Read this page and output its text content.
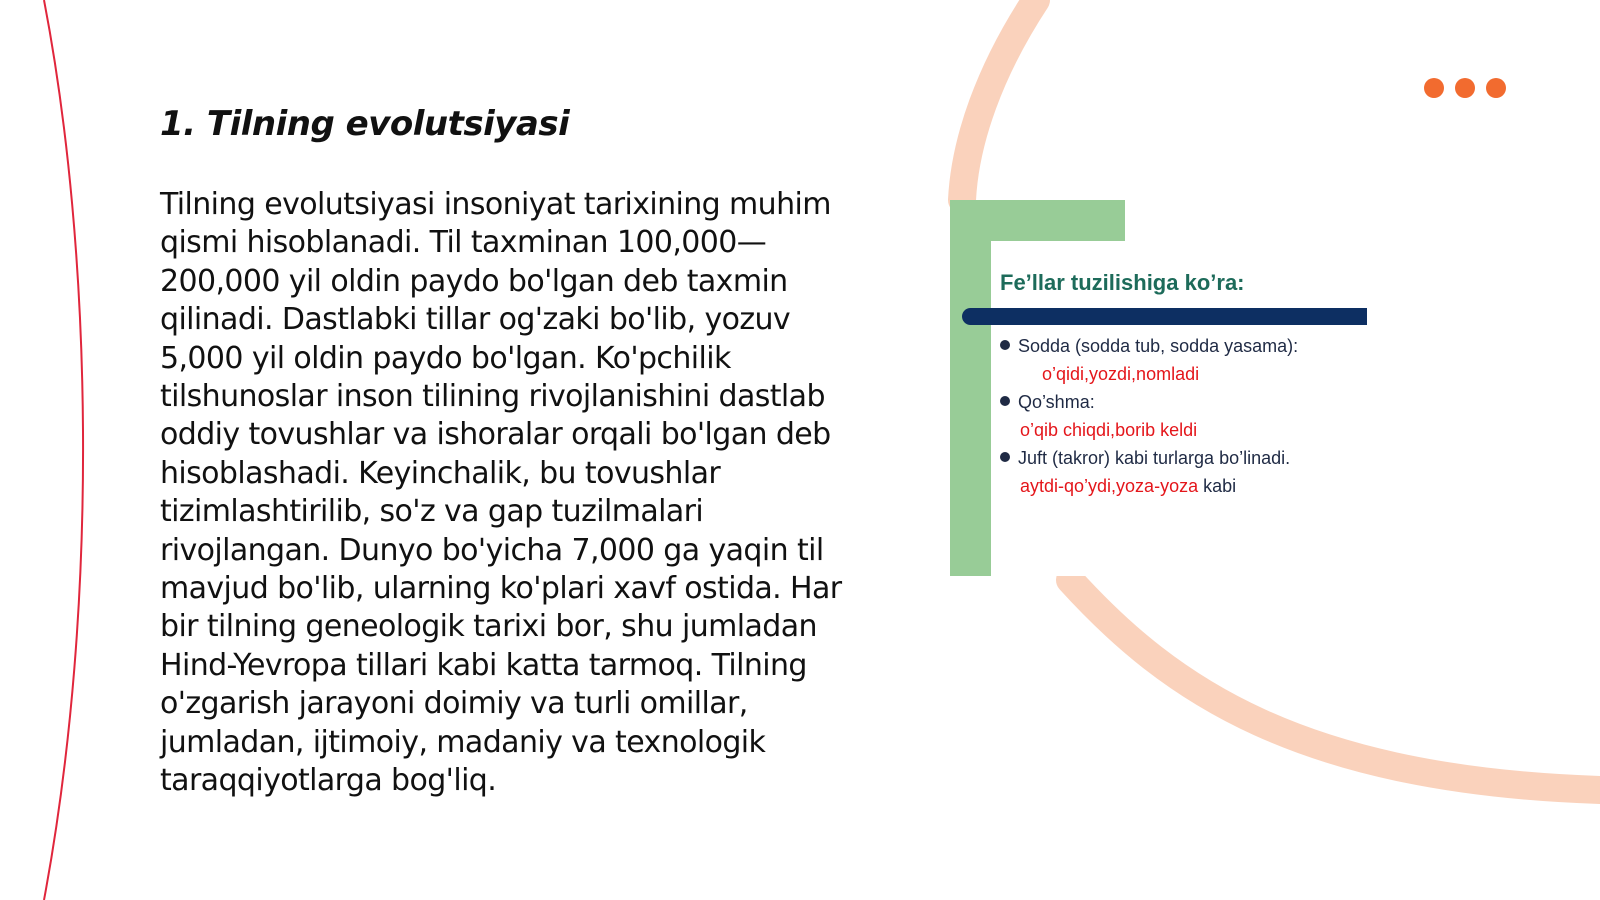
1. Tilning evolutsiyasi

Tilning evolutsiyasi insoniyat tarixining muhim qismi hisoblanadi. Til taxminan 100,000—200,000 yil oldin paydo bo'lgan deb taxmin qilinadi. Dastlabki tillar og'zaki bo'lib, yozuv 5,000 yil oldin paydo bo'lgan. Ko'pchilik tilshunoslar inson tilining rivojlanishini dastlab oddiy tovushlar va ishoralar orqali bo'lgan deb hisoblashadi. Keyinchalik, bu tovushlar tizimlashtirilib, so'z va gap tuzilmalari rivojlangan. Dunyo bo'yicha 7,000 ga yaqin til mavjud bo'lib, ularning ko'plari xavf ostida. Har bir tilning geneologik tarixi bor, shu jumladan Hind-Yevropa tillari kabi katta tarmoq. Tilning o'zgarish jarayoni doimiy va turli omillar, jumladan, ijtimoiy, madaniy va texnologik taraqqiyotlarga bog'liq.

Fe’llar tuzilishiga ko’ra:
Sodda (sodda tub, sodda yasama):
o’qidi,yozdi,nomladi
Qo’shma:
o’qib chiqdi,borib keldi
Juft (takror) kabi turlarga bo’linadi.
aytdi-qo’ydi,yoza-yoza kabi
